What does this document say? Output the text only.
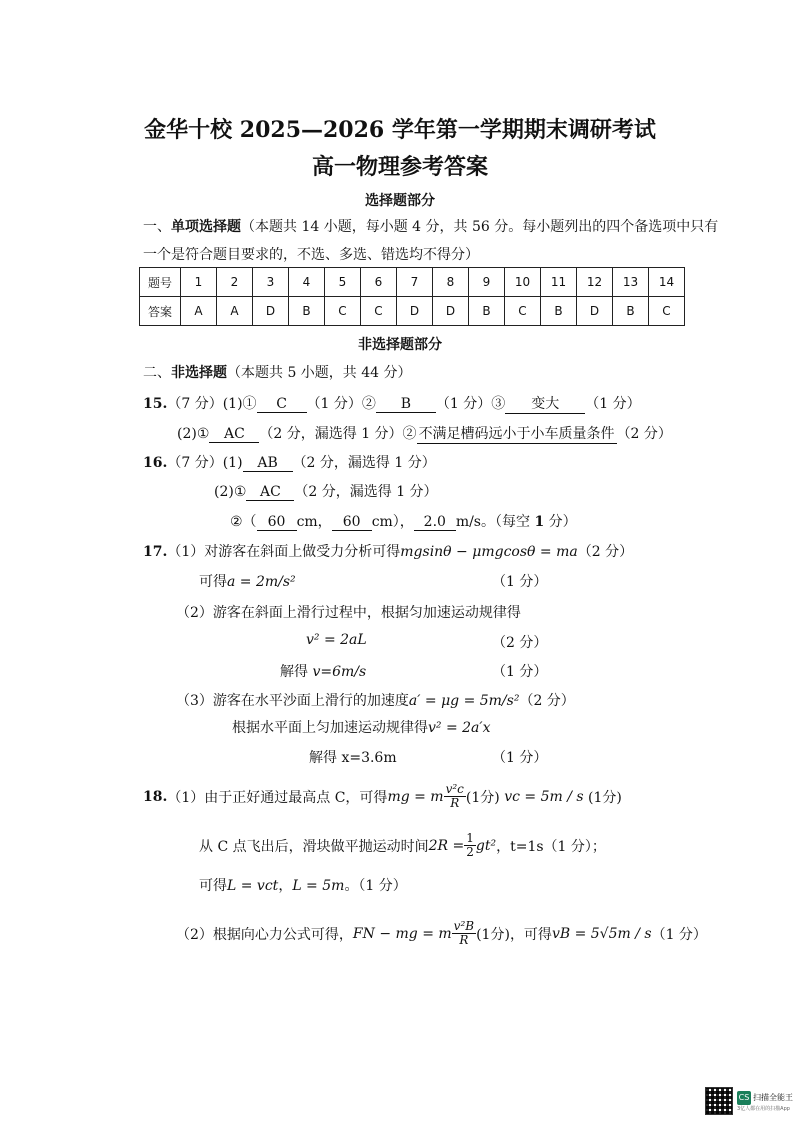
金华十校 2025—2026 学年第一学期期末调研考试
高一物理参考答案
选择题部分
一、单项选择题（本题共 14 小题，每小题 4 分，共 56 分。每小题列出的四个备选项中只有
一个是符合题目要求的，不选、多选、错选均不得分）
题号	1	2	3	4	5	6	7	8	9	10	11	12	13	14
答案	A	A	D	B	C	C	D	D	B	C	B	D	B	C
非选择题部分
二、非选择题（本题共 5 小题，共 44 分）
15.（7 分）(1)① C （1 分）② B （1 分）③ 变大 （1 分）
(2)① AC （2 分，漏选得 1 分）② 不满足槽码远小于小车质量条件 （2 分）
16.（7 分）(1) AB （2 分，漏选得 1 分）
(2)① AC （2 分，漏选得 1 分）
②（ 60 cm， 60 cm）， 2.0 m/s。（每空 1 分）
17.（1）对游客在斜面上做受力分析可得mgsinθ − μmgcosθ = ma（2 分）
可得a = 2m/s²	（1 分）
（2）游客在斜面上滑行过程中，根据匀加速运动规律得
v² = 2aL	（2 分）
解得 v=6m/s	（1 分）
（3）游客在水平沙面上滑行的加速度a′ = μg = 5m/s²（2 分）
根据水平面上匀加速运动规律得v² = 2a′x
解得 x=3.6m	（1 分）
18. （1）由于正好通过最高点 C，可得 mg = m $\frac{\text{v²c}}{R} (1$分)
vc = 5m / s
(1分)
从 C 点飞出后，滑块做平抛运动时间 $2R = \frac{1}{2} gt^2$ ，t=1s（1 分）；
可得L = vct，L = 5m。（1 分）
（2）根据向心力公式可得， FN − mg = m $\frac{\text{v²B}}{R} (1$分) ，可得 vB = 5√5m / s （1 分）
CS 扫描全能王
3亿人都在用的扫描App
